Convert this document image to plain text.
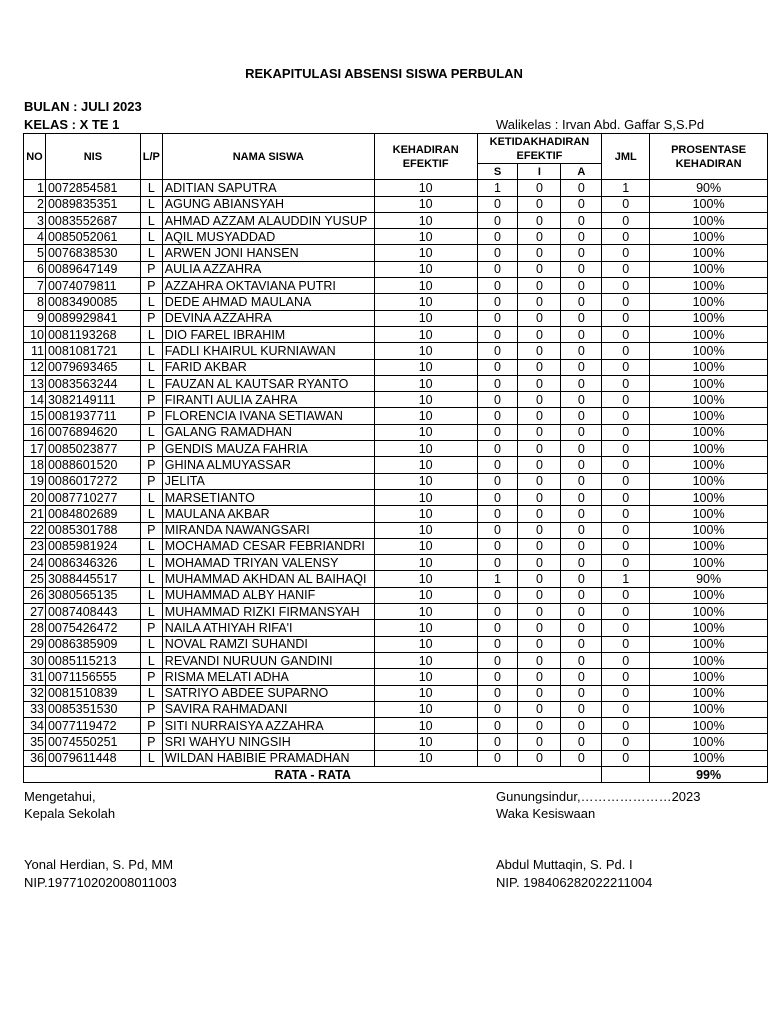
REKAPITULASI ABSENSI SISWA PERBULAN
BULAN : JULI 2023
KELAS : X TE 1	Walikelas : Irvan Abd. Gaffar S,S.Pd
NO	NIS	L/P	NAMA SISWA	KEHADIRAN EFEKTIF	KETIDAKHADIRAN EFEKTIF			JML	PROSENTASE KEHADIRAN
					S	I	A		
1	0072854581	L	ADITIAN SAPUTRA	10	1	0	0	1	90%
2	0089835351	L	AGUNG ABIANSYAH	10	0	0	0	0	100%
3	0083552687	L	AHMAD AZZAM ALAUDDIN YUSUP	10	0	0	0	0	100%
4	0085052061	L	AQIL MUSYADDAD	10	0	0	0	0	100%
5	0076838530	L	ARWEN JONI HANSEN	10	0	0	0	0	100%
6	0089647149	P	AULIA AZZAHRA	10	0	0	0	0	100%
7	0074079811	P	AZZAHRA OKTAVIANA PUTRI	10	0	0	0	0	100%
8	0083490085	L	DEDE AHMAD MAULANA	10	0	0	0	0	100%
9	0089929841	P	DEVINA AZZAHRA	10	0	0	0	0	100%
10	0081193268	L	DIO FAREL IBRAHIM	10	0	0	0	0	100%
11	0081081721	L	FADLI KHAIRUL KURNIAWAN	10	0	0	0	0	100%
12	0079693465	L	FARID AKBAR	10	0	0	0	0	100%
13	0083563244	L	FAUZAN AL KAUTSAR RYANTO	10	0	0	0	0	100%
14	3082149111	P	FIRANTI AULIA ZAHRA	10	0	0	0	0	100%
15	0081937711	P	FLORENCIA IVANA SETIAWAN	10	0	0	0	0	100%
16	0076894620	L	GALANG RAMADHAN	10	0	0	0	0	100%
17	0085023877	P	GENDIS MAUZA FAHRIA	10	0	0	0	0	100%
18	0088601520	P	GHINA ALMUYASSAR	10	0	0	0	0	100%
19	0086017272	P	JELITA	10	0	0	0	0	100%
20	0087710277	L	MARSETIANTO	10	0	0	0	0	100%
21	0084802689	L	MAULANA AKBAR	10	0	0	0	0	100%
22	0085301788	P	MIRANDA NAWANGSARI	10	0	0	0	0	100%
23	0085981924	L	MOCHAMAD CESAR FEBRIANDRI	10	0	0	0	0	100%
24	0086346326	L	MOHAMAD TRIYAN VALENSY	10	0	0	0	0	100%
25	3088445517	L	MUHAMMAD AKHDAN AL BAIHAQI	10	1	0	0	1	90%
26	3080565135	L	MUHAMMAD ALBY HANIF	10	0	0	0	0	100%
27	0087408443	L	MUHAMMAD RIZKI FIRMANSYAH	10	0	0	0	0	100%
28	0075426472	P	NAILA ATHIYAH RIFA'I	10	0	0	0	0	100%
29	0086385909	L	NOVAL RAMZI SUHANDI	10	0	0	0	0	100%
30	0085115213	L	REVANDI NURUUN GANDINI	10	0	0	0	0	100%
31	0071156555	P	RISMA MELATI ADHA	10	0	0	0	0	100%
32	0081510839	L	SATRIYO ABDEE SUPARNO	10	0	0	0	0	100%
33	0085351530	P	SAVIRA RAHMADANI	10	0	0	0	0	100%
34	0077119472	P	SITI NURRAISYA AZZAHRA	10	0	0	0	0	100%
35	0074550251	P	SRI WAHYU NINGSIH	10	0	0	0	0	100%
36	0079611448	L	WILDAN HABIBIE PRAMADHAN	10	0	0	0	0	100%
RATA - RATA									99%
Mengetahui,
Kepala Sekolah
Yonal Herdian, S. Pd, MM
NIP.197710202008011003
Gunungsindur,…………………2023
Waka Kesiswaan
Abdul Muttaqin, S. Pd. I
NIP. 198406282022211004
